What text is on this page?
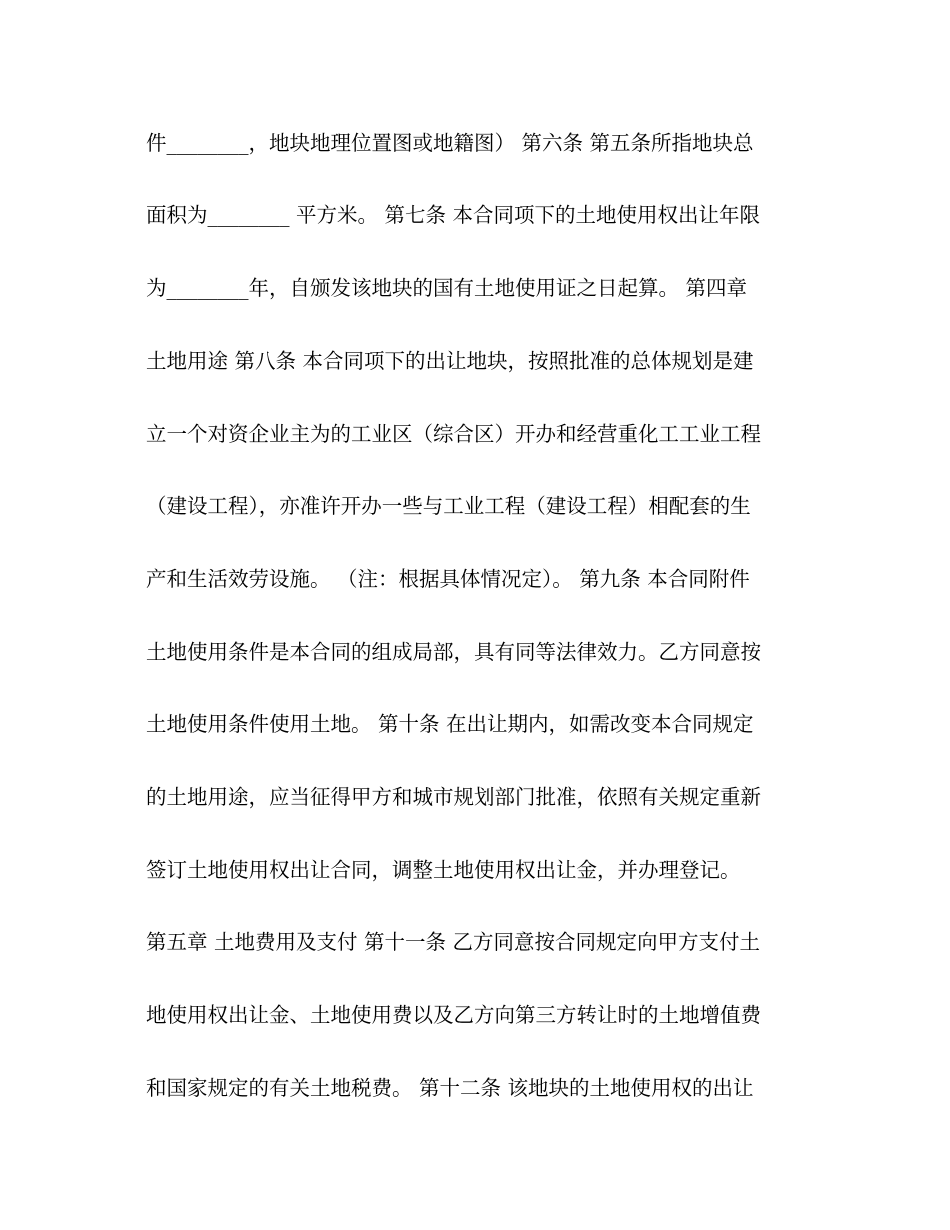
件________，地块地理位置图或地籍图） 第六条 第五条所指地块总
面积为________ 平方米。 第七条 本合同项下的土地使用权出让年限
为________年，自颁发该地块的国有土地使用证之日起算。 第四章
土地用途 第八条 本合同项下的出让地块，按照批准的总体规划是建
立一个对资企业主为的工业区（综合区）开办和经营重化工工业工程
（建设工程），亦准许开办一些与工业工程（建设工程）相配套的生
产和生活效劳设施。 （注：根据具体情况定）。 第九条 本合同附件
土地使用条件是本合同的组成局部，具有同等法律效力。乙方同意按
土地使用条件使用土地。 第十条 在出让期内，如需改变本合同规定
的土地用途，应当征得甲方和城市规划部门批准，依照有关规定重新
签订土地使用权出让合同，调整土地使用权出让金，并办理登记。
第五章 土地费用及支付 第十一条 乙方同意按合同规定向甲方支付土
地使用权出让金、土地使用费以及乙方向第三方转让时的土地增值费
和国家规定的有关土地税费。 第十二条 该地块的土地使用权的出让
